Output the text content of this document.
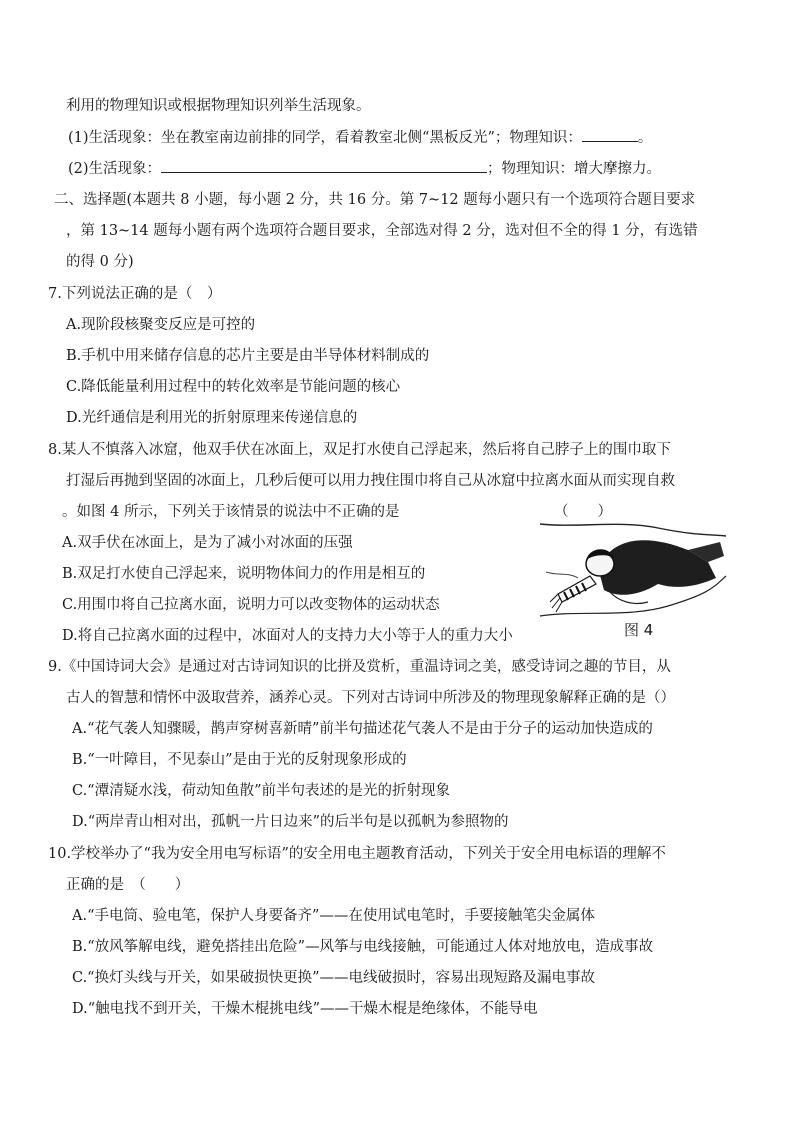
利用的物理知识或根据物理知识列举生活现象。
(1)生活现象：坐在教室南边前排的同学，看着教室北侧“黑板反光”；物理知识：	。
(2)生活现象：	；物理知识：增大摩擦力。
二、选择题(本题共 8 小题，每小题 2 分，共 16 分。第 7~12 题每小题只有一个选项符合题目要求
，第 13~14 题每小题有两个选项符合题目要求，全部选对得 2 分，选对但不全的得 1 分，有选错
的得 0 分)
7.下列说法正确的是（　）
A.现阶段核聚变反应是可控的
B.手机中用来储存信息的芯片主要是由半导体材料制成的
C.降低能量利用过程中的转化效率是节能问题的核心
D.光纤通信是利用光的折射原理来传递信息的
8.某人不慎落入冰窟，他双手伏在冰面上，双足打水使自己浮起来，然后将自己脖子上的围巾取下
打湿后再抛到坚固的冰面上，几秒后便可以用力拽住围巾将自己从冰窟中拉离水面从而实现自救
。如图 4 所示，下列关于该情景的说法中不正确的是	（　　）
A.双手伏在冰面上，是为了减小对冰面的压强
B.双足打水使自己浮起来，说明物体间力的作用是相互的
C.用围巾将自己拉离水面，说明力可以改变物体的运动状态
D.将自己拉离水面的过程中，冰面对人的支持力大小等于人的重力大小	图 4
9.《中国诗词大会》是通过对古诗词知识的比拼及赏析，重温诗词之美，感受诗词之趣的节目，从
古人的智慧和情怀中汲取营养，涵养心灵。下列对古诗词中所涉及的物理现象解释正确的是（）
A.“花气袭人知骤暖，鹊声穿树喜新晴”前半句描述花气袭人不是由于分子的运动加快造成的
B.“一叶障目，不见泰山”是由于光的反射现象形成的
C.“潭清疑水浅，荷动知鱼散”前半句表述的是光的折射现象
D.“两岸青山相对出，孤帆一片日边来”的后半句是以孤帆为参照物的
10.学校举办了“我为安全用电写标语”的安全用电主题教育活动，下列关于安全用电标语的理解不
正确的是　（　　）
A.“手电筒、验电笔，保护人身要备齐”——在使用试电笔时，手要接触笔尖金属体
B.“放风筝解电线，避免搭挂出危险”—风筝与电线接触，可能通过人体对地放电，造成事故
C.“换灯头线与开关，如果破损快更换”——电线破损时，容易出现短路及漏电事故
D.“触电找不到开关，干燥木棍挑电线”——干燥木棍是绝缘体，不能导电
